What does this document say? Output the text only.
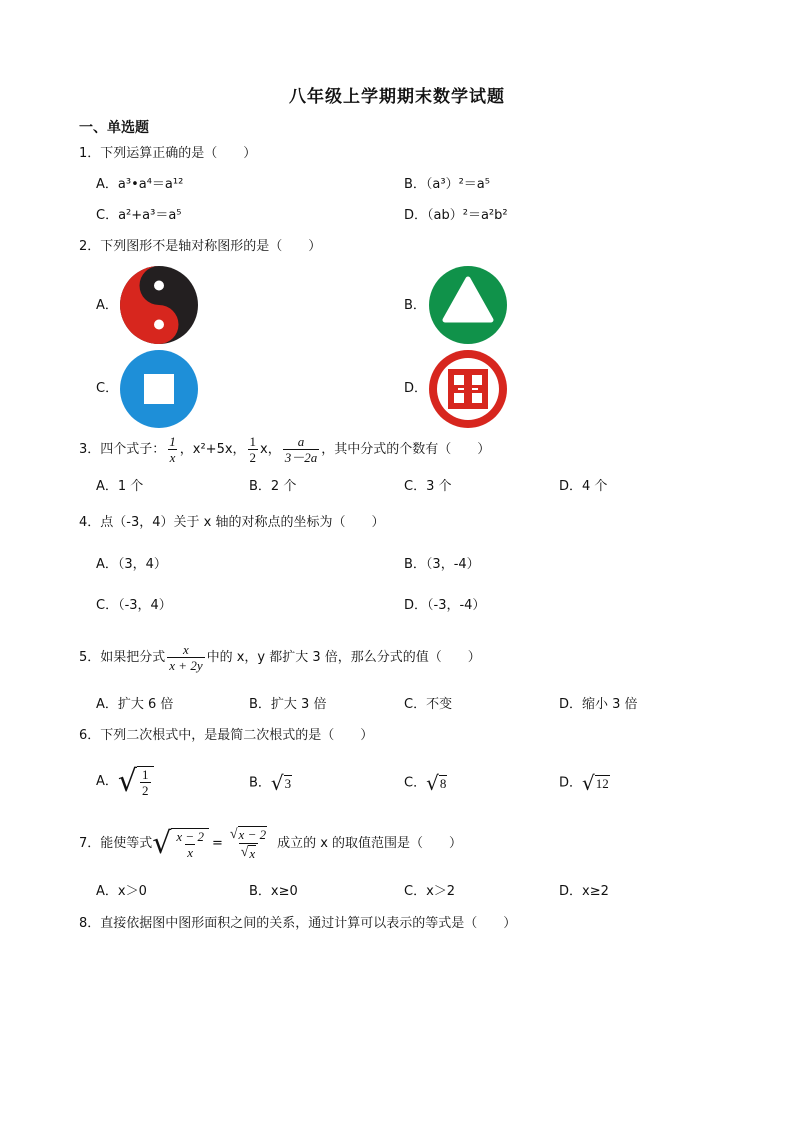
八年级上学期期末数学试题
一、单选题
1．下列运算正确的是（　　）
A．a³•a⁴＝a¹²	B．（a³）²＝a⁵
C．a²+a³＝a⁵	D．（ab）²＝a²b²
2．下列图形不是轴对称图形的是（　　）
A．	B．
C．	D．
3．四个式子： $\frac{1}{x}$ ，x²+5x， $\frac{1}{2}$ x， $\frac{a}{3-2a}$ ，其中分式的个数有（　　）
A．1 个	B．2 个	C．3 个	D．4 个
4．点（-3，4）关于 x 轴的对称点的坐标为（　　）
A．（3，4）	B．（3，-4）
C．（-3，4）	D．（-3，-4）
5．如果把分式 $\frac{x}{x + 2y}$ 中的 x，y 都扩大 3 倍，那么分式的值（　　）
A．扩大 6 倍	B．扩大 3 倍	C．不变	D．缩小 3 倍
6．下列二次根式中，是最简二次根式的是（　　）
A． √ $\frac{1}{2}$	B． √ 3	C． √ 8	D． √ 12
7．能使等式 √ $\frac{x - 2}{x} = \frac{√ x - 2}{√ x}$ 成立的 x 的取值范围是（　　）
A．x＞0	B．x≥0	C．x＞2	D．x≥2
8．直接依据图中图形面积之间的关系，通过计算可以表示的等式是（　　）
